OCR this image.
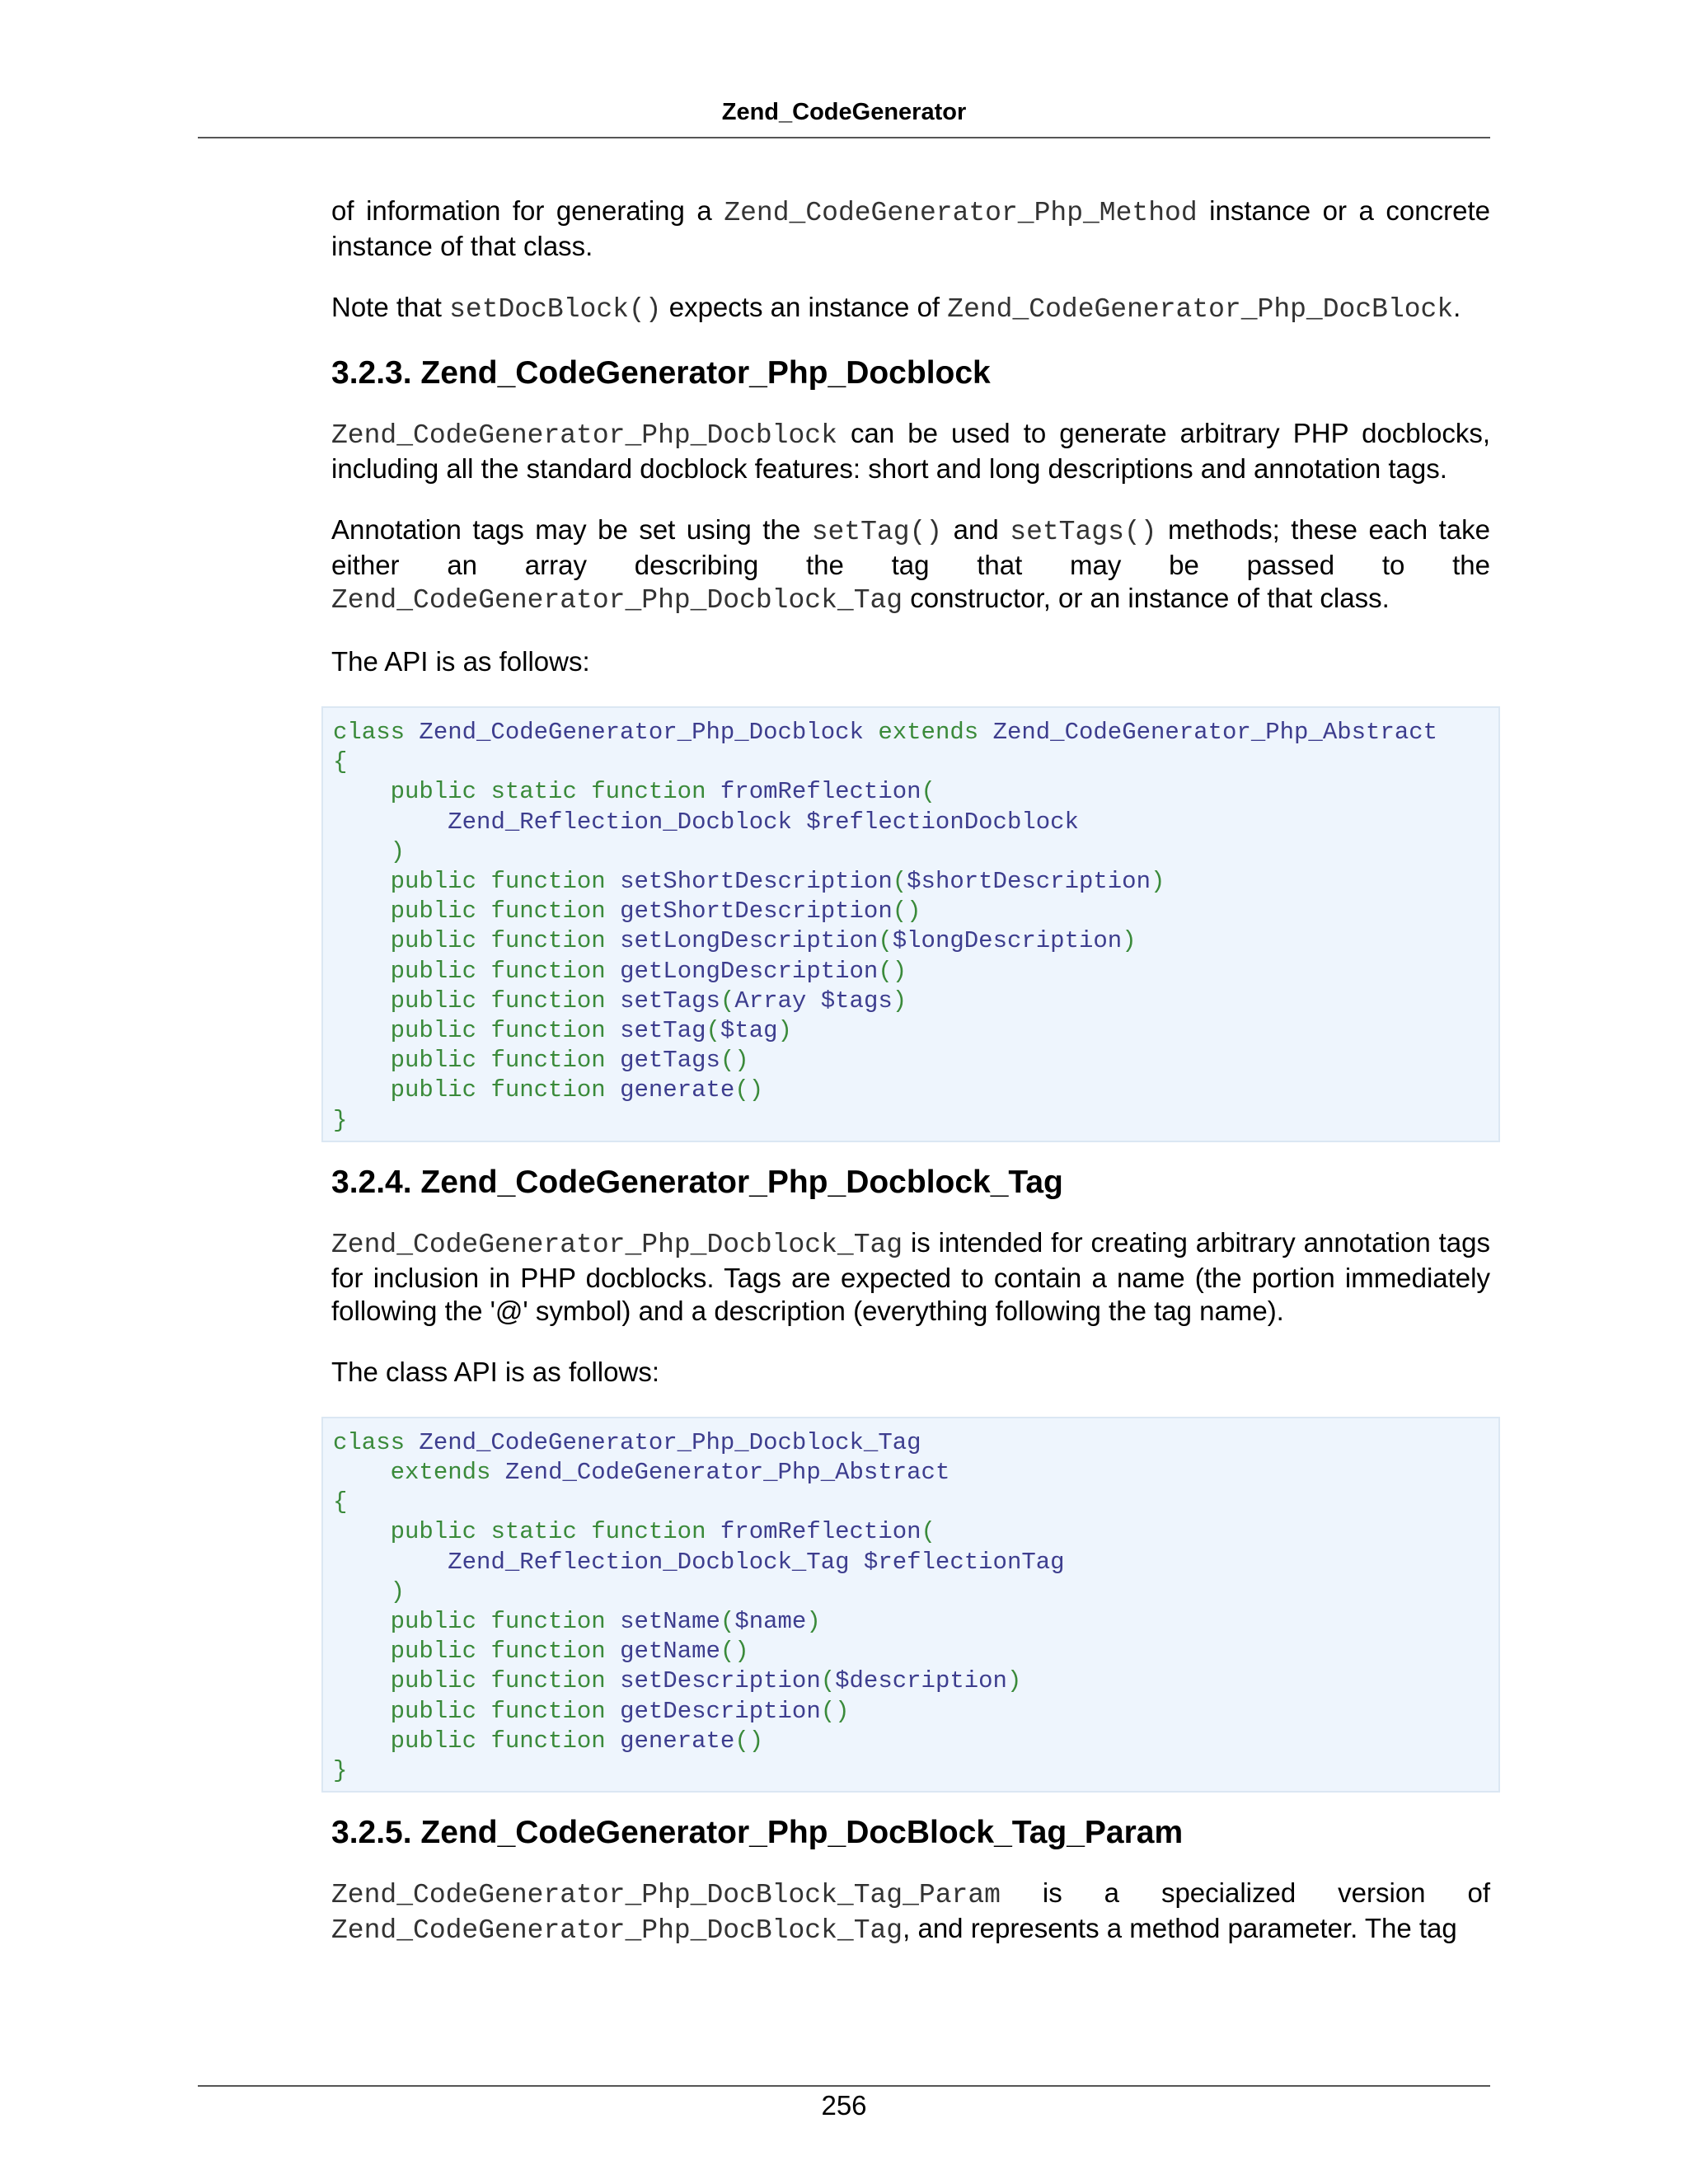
Zend_CodeGenerator

of information for generating a Zend_CodeGenerator_Php_Method instance or a concrete instance of that class.

Note that setDocBlock() expects an instance of Zend_CodeGenerator_Php_DocBlock.

3.2.3. Zend_CodeGenerator_Php_Docblock

Zend_CodeGenerator_Php_Docblock can be used to generate arbitrary PHP docblocks, including all the standard docblock features: short and long descriptions and annotation tags.

Annotation tags may be set using the setTag() and setTags() methods; these each take either an array describing the tag that may be passed to the Zend_CodeGenerator_Php_Docblock_Tag constructor, or an instance of that class.

The API is as follows:

class Zend_CodeGenerator_Php_Docblock extends Zend_CodeGenerator_Php_Abstract
{
public static function fromReflection(
Zend_Reflection_Docblock $reflectionDocblock
)
public function setShortDescription($shortDescription)
public function getShortDescription()
public function setLongDescription($longDescription)
public function getLongDescription()
public function setTags(Array $tags)
public function setTag($tag)
public function getTags()
public function generate()
}
3.2.4. Zend_CodeGenerator_Php_Docblock_Tag

Zend_CodeGenerator_Php_Docblock_Tag is intended for creating arbitrary annotation tags for inclusion in PHP docblocks. Tags are expected to contain a name (the portion immediately following the '@' symbol) and a description (everything following the tag name).

The class API is as follows:

class Zend_CodeGenerator_Php_Docblock_Tag
extends Zend_CodeGenerator_Php_Abstract
{
public static function fromReflection(
Zend_Reflection_Docblock_Tag $reflectionTag
)
public function setName($name)
public function getName()
public function setDescription($description)
public function getDescription()
public function generate()
}
3.2.5. Zend_CodeGenerator_Php_DocBlock_Tag_Param

Zend_CodeGenerator_Php_DocBlock_Tag_Param is a specialized version of Zend_CodeGenerator_Php_DocBlock_Tag, and represents a method parameter. The tag

256
